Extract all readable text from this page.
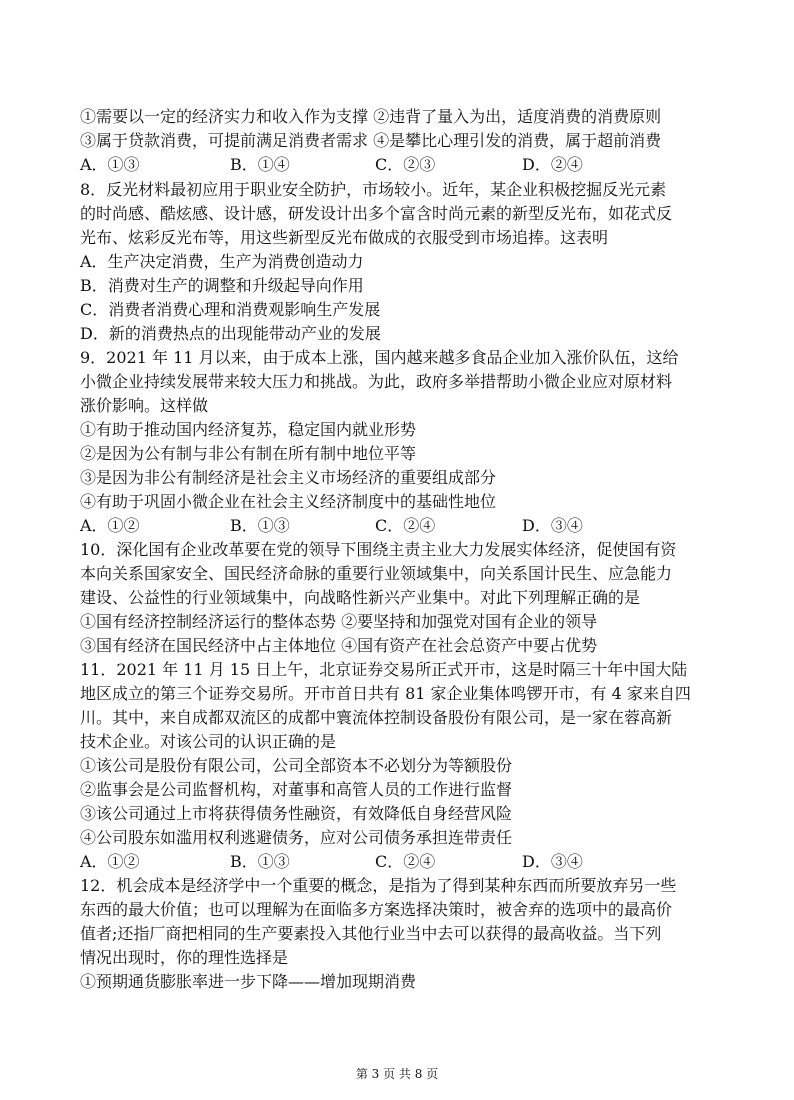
①需要以一定的经济实力和收入作为支撑 ②违背了量入为出，适度消费的消费原则
③属于贷款消费，可提前满足消费者需求 ④是攀比心理引发的消费，属于超前消费
A．①③	B．①④	C．②③	D．②④
8．反光材料最初应用于职业安全防护，市场较小。近年，某企业积极挖掘反光元素
的时尚感、酷炫感、设计感，研发设计出多个富含时尚元素的新型反光布，如花式反
光布、炫彩反光布等，用这些新型反光布做成的衣服受到市场追捧。这表明
A．生产决定消费，生产为消费创造动力
B．消费对生产的调整和升级起导向作用
C．消费者消费心理和消费观影响生产发展
D．新的消费热点的出现能带动产业的发展
9．2021 年 11 月以来，由于成本上涨，国内越来越多食品企业加入涨价队伍，这给
小微企业持续发展带来较大压力和挑战。为此，政府多举措帮助小微企业应对原材料
涨价影响。这样做
①有助于推动国内经济复苏，稳定国内就业形势
②是因为公有制与非公有制在所有制中地位平等
③是因为非公有制经济是社会主义市场经济的重要组成部分
④有助于巩固小微企业在社会主义经济制度中的基础性地位
A．①②	B．①③	C．②④	D．③④
10．深化国有企业改革要在党的领导下围绕主责主业大力发展实体经济，促使国有资
本向关系国家安全、国民经济命脉的重要行业领域集中，向关系国计民生、应急能力
建设、公益性的行业领域集中，向战略性新兴产业集中。对此下列理解正确的是
①国有经济控制经济运行的整体态势 ②要坚持和加强党对国有企业的领导
③国有经济在国民经济中占主体地位 ④国有资产在社会总资产中要占优势
11．2021 年 11 月 15 日上午，北京证券交易所正式开市，这是时隔三十年中国大陆
地区成立的第三个证券交易所。开市首日共有 81 家企业集体鸣锣开市，有 4 家来自四
川。其中，来自成都双流区的成都中寰流体控制设备股份有限公司，是一家在蓉高新
技术企业。对该公司的认识正确的是
①该公司是股份有限公司，公司全部资本不必划分为等额股份
②监事会是公司监督机构，对董事和高管人员的工作进行监督
③该公司通过上市将获得债务性融资，有效降低自身经营风险
④公司股东如滥用权利逃避债务，应对公司债务承担连带责任
A．①②	B．①③	C．②④	D．③④
12．机会成本是经济学中一个重要的概念，是指为了得到某种东西而所要放弃另一些
东西的最大价值；也可以理解为在面临多方案选择决策时，被舍弃的选项中的最高价
值者;还指厂商把相同的生产要素投入其他行业当中去可以获得的最高收益。当下列
情况出现时，你的理性选择是
①预期通货膨胀率进一步下降——增加现期消费
第 3 页 共 8 页
